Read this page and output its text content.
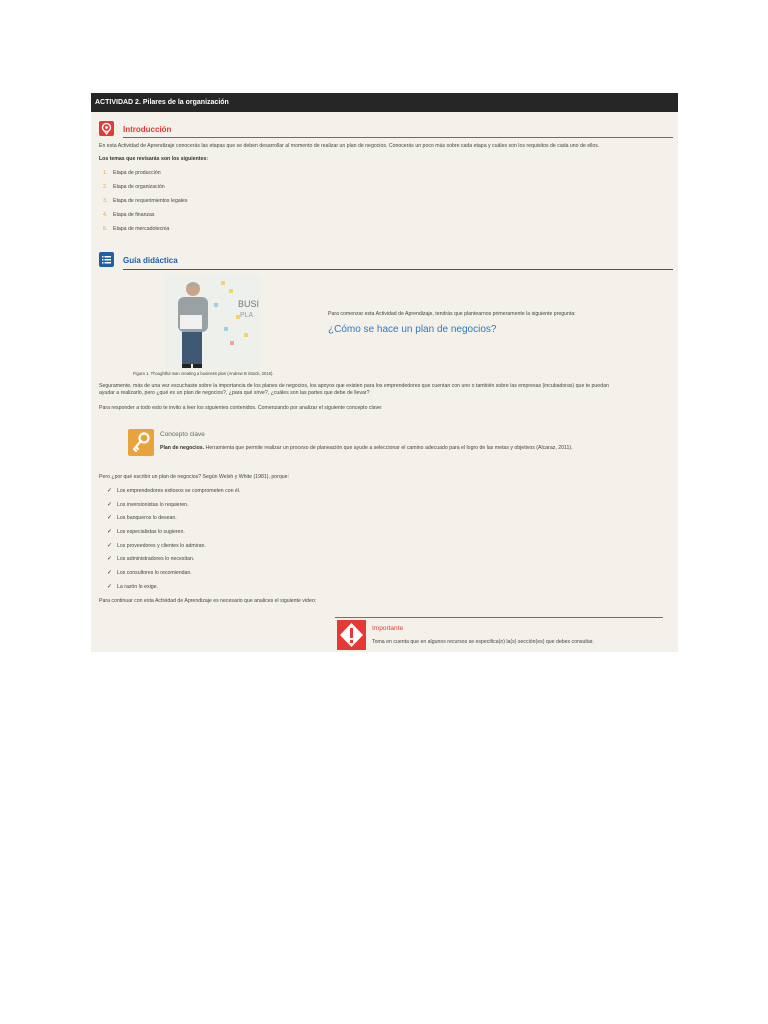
ACTIVIDAD 2. Pilares de la organización
Introducción
En esta Actividad de Aprendizaje conocerás las etapas que se deben desarrollar al momento de realizar un plan de negocios. Conocerás un poco más sobre cada etapa y cuáles son los requisitos de cada uno de ellos.
Los temas que revisarás son los siguientes:
1. Etapa de producción
2. Etapa de organización
3. Etapa de requerimientos legales
4. Etapa de finanzas
5. Etapa de mercadotecnia
Guía didáctica
BUSI
PLA
Figura 1. Thoughtful man creating a business plan (Andrew B iStock, 2016).
Para comenzar esta Actividad de Aprendizaje, tendrás que plantearnos primeramente la siguiente pregunta:
¿Cómo se hace un plan de negocios?
Seguramente, más de una vez escuchaste sobre la importancia de los planes de negocios, los apoyos que existen para los emprendedores que cuentan con uno o también sobre las empresas (incubadoras) que te puedan
ayudar a realizarlo, pero ¿qué es un plan de negocios?, ¿para qué sirve?, ¿cuáles son las partes que debe de llevar?
Para responder a todo esto te invito a leer los siguientes contenidos. Comenzando por analizar el siguiente concepto clave:
Concepto clave
Plan de negocios. Herramienta que permite realizar un proceso de planeación que ayude a seleccionar el camino adecuado para el logro de las metas y objetivos (Alcaraz, 2011).
Pero ¿por qué escribir un plan de negocios? Según Welsh y White (1981), porque:
✓ Los emprendedores exitosos se comprometen con él.
✓ Los inversionistas lo requieren.
✓ Los banqueros lo desean.
✓ Los especialistas lo sugieren.
✓ Los proveedores y clientes lo admiran.
✓ Los administradores lo necesitan.
✓ Los consultores lo recomiendan.
✓ La razón lo exige.
Para continuar con esta Actividad de Aprendizaje es necesario que analices el siguiente video:
Importante
Toma en cuenta que en algunos recursos se especifica(n) la(s) sección(es) que debes consultar.
